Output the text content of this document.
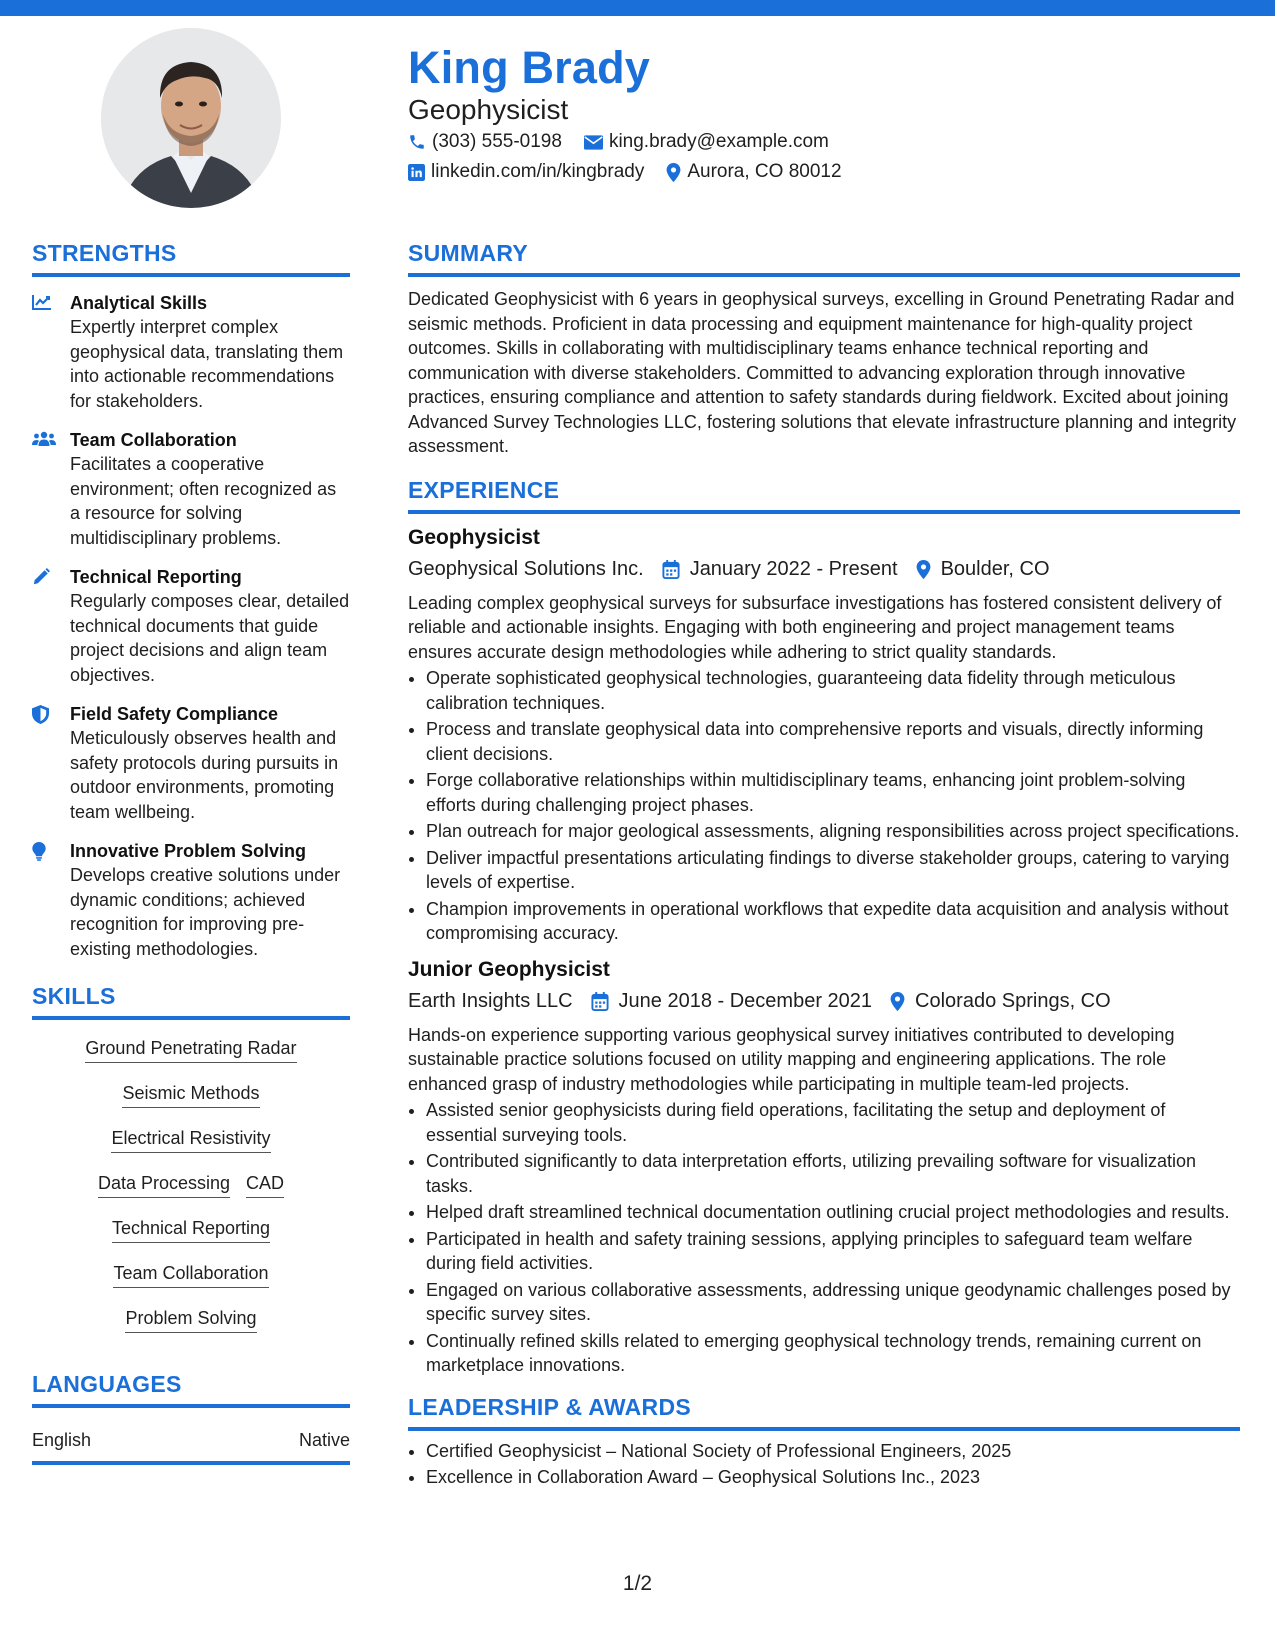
King Brady
Geophysicist
(303) 555-0198 king.brady@example.com
linkedin.com/in/kingbrady Aurora, CO 80012
STRENGTHS
Analytical Skills
Expertly interpret complex geophysical data, translating them into actionable recommendations for stakeholders.
Team Collaboration
Facilitates a cooperative environment; often recognized as a resource for solving multidisciplinary problems.
Technical Reporting
Regularly composes clear, detailed technical documents that guide project decisions and align team objectives.
Field Safety Compliance
Meticulously observes health and safety protocols during pursuits in outdoor environments, promoting team wellbeing.
Innovative Problem Solving
Develops creative solutions under dynamic conditions; achieved recognition for improving pre-existing methodologies.
SKILLS
Ground Penetrating Radar
Seismic Methods
Electrical Resistivity
Data Processing CAD
Technical Reporting
Team Collaboration
Problem Solving
LANGUAGES
English	Native
SUMMARY
Dedicated Geophysicist with 6 years in geophysical surveys, excelling in Ground Penetrating Radar and seismic methods. Proficient in data processing and equipment maintenance for high-quality project outcomes. Skills in collaborating with multidisciplinary teams enhance technical reporting and communication with diverse stakeholders. Committed to advancing exploration through innovative practices, ensuring compliance and attention to safety standards during fieldwork. Excited about joining Advanced Survey Technologies LLC, fostering solutions that elevate infrastructure planning and integrity assessment.
EXPERIENCE
Geophysicist
Geophysical Solutions Inc. January 2022 - Present Boulder, CO
Leading complex geophysical surveys for subsurface investigations has fostered consistent delivery of reliable and actionable insights. Engaging with both engineering and project management teams ensures accurate design methodologies while adhering to strict quality standards.
• Operate sophisticated geophysical technologies, guaranteeing data fidelity through meticulous calibration techniques.
• Process and translate geophysical data into comprehensive reports and visuals, directly informing client decisions.
• Forge collaborative relationships within multidisciplinary teams, enhancing joint problem-solving efforts during challenging project phases.
• Plan outreach for major geological assessments, aligning responsibilities across project specifications.
• Deliver impactful presentations articulating findings to diverse stakeholder groups, catering to varying levels of expertise.
• Champion improvements in operational workflows that expedite data acquisition and analysis without compromising accuracy.
Junior Geophysicist
Earth Insights LLC June 2018 - December 2021 Colorado Springs, CO
Hands-on experience supporting various geophysical survey initiatives contributed to developing sustainable practice solutions focused on utility mapping and engineering applications. The role enhanced grasp of industry methodologies while participating in multiple team-led projects.
• Assisted senior geophysicists during field operations, facilitating the setup and deployment of essential surveying tools.
• Contributed significantly to data interpretation efforts, utilizing prevailing software for visualization tasks.
• Helped draft streamlined technical documentation outlining crucial project methodologies and results.
• Participated in health and safety training sessions, applying principles to safeguard team welfare during field activities.
• Engaged on various collaborative assessments, addressing unique geodynamic challenges posed by specific survey sites.
• Continually refined skills related to emerging geophysical technology trends, remaining current on marketplace innovations.
LEADERSHIP & AWARDS
• Certified Geophysicist – National Society of Professional Engineers, 2025
• Excellence in Collaboration Award – Geophysical Solutions Inc., 2023
1/2
